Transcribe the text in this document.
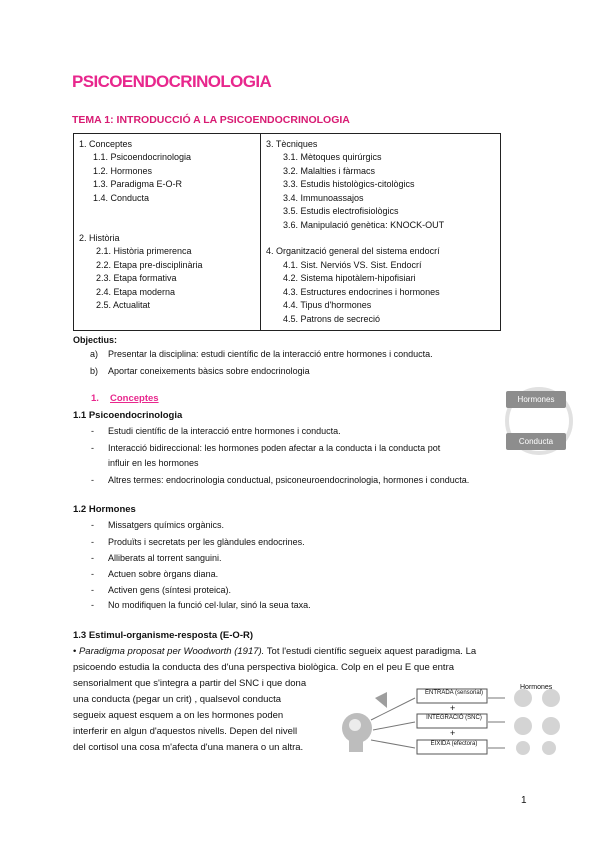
PSICOENDOCRINOLOGIA
TEMA 1: INTRODUCCIÓ A LA PSICOENDOCRINOLOGIA
1. Conceptes
1.1. Psicoendocrinologia
1.2. Hormones
1.3. Paradigma E-O-R
1.4. Conducta
2. Història
2.1. Història primerenca
2.2. Etapa pre-disciplinària
2.3. Etapa formativa
2.4. Etapa moderna
2.5. Actualitat
3. Tècniques
3.1. Mètoques quirúrgics
3.2. Malalties i fàrmacs
3.3. Estudis histològics-citològics
3.4. Immunoassajos
3.5. Estudis electrofisiològics
3.6. Manipulació genètica: KNOCK-OUT
4. Organització general del sistema endocrí
4.1. Sist. Nerviós VS. Sist. Endocrí
4.2. Sistema hipotàlem-hipofisiari
4.3. Estructures endocrines i hormones
4.4. Tipus d'hormones
4.5. Patrons de secreció
Objectius:
a) Presentar la disciplina: estudi científic de la interacció entre hormones i conducta.
b) Aportar coneixements bàsics sobre endocrinologia
1. Conceptes	Hormones
Conducta
1.1 Psicoendocrinologia
- Estudi científic de la interacció entre hormones i conducta.
- Interacció bidireccional: les hormones poden afectar a la conducta i la conducta pot
influir en les hormones
- Altres termes: endocrinologia conductual, psiconeuroendocrinologia, hormones i conducta.
1.2 Hormones
- Missatgers químics orgànics.
- Produïts i secretats per les glàndules endocrines.
- Alliberats al torrent sanguini.
- Actuen sobre òrgans diana.
- Activen gens (síntesi proteica).
- No modifiquen la funció cel·lular, sinó la seua taxa.
1.3 Estimul-organisme-resposta (E-O-R)
• Paradigma proposat per Woodworth (1917). Tot l'estudi científic segueix aquest paradigma. La
psicoendo estudia la conducta des d'una perspectiva biològica. Colp en el peu E que entra
sensorialment que s'integra a partir del SNC i que dona
una conducta (pegar un crit) , qualsevol conducta
segueix aquest esquem a on les hormones poden
interferir en algun d'aquestos nivells. Depen del nivell
del cortisol una cosa m'afecta d'una manera o un altra.
ENTRADA (sensorial)
INTEGRACIÓ (SNC)
EIXIDA (efectora)
+
+
Hormones
1
